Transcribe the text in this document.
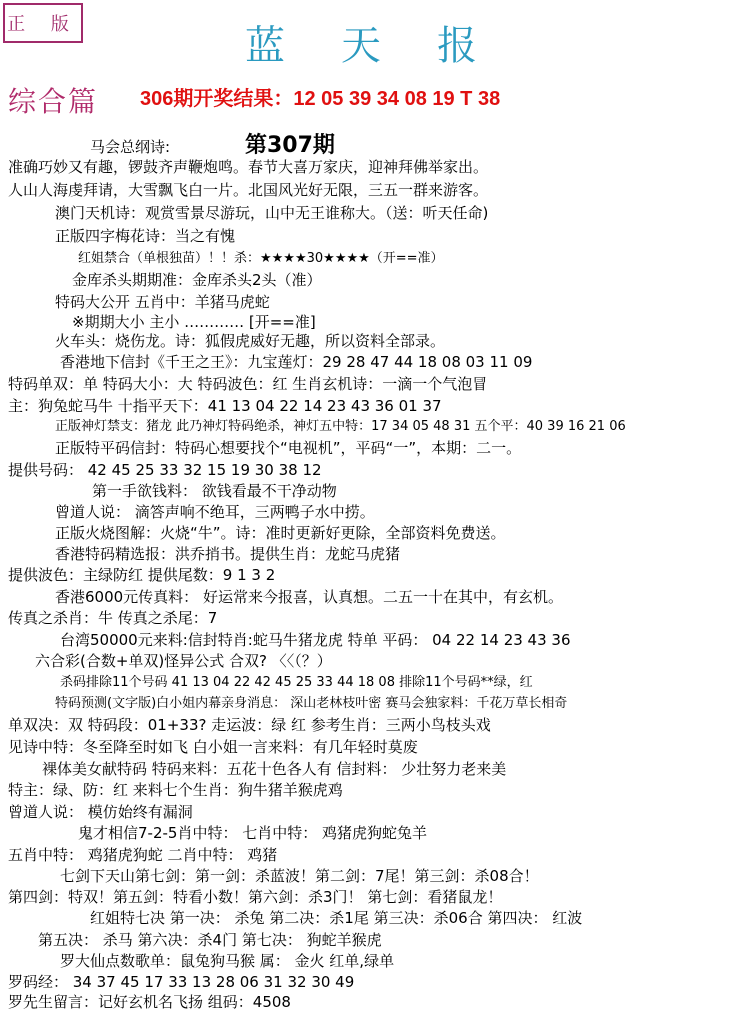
正 版	蓝天报
综合篇 306期开奖结果：12 05 39 34 08 19 T 38
第307期
马会总纲诗:
准确巧妙又有趣，锣鼓齐声鞭炮鸣。春节大喜万家庆，迎神拜佛举家出。
人山人海虔拜请，大雪飘飞白一片。北国风光好无限，三五一群来游客。
澳门天机诗：观赏雪景尽游玩，山中无王谁称大。（送：听天任命)
正版四字梅花诗：当之有愧
红姐禁合（单根独苗）！！杀：★★★★30★★★★（开==准）
金库杀头期期准：金库杀头2头（准）
特码大公开 五肖中：羊猪马虎蛇
※期期大小 主小 ………… [开==准]
火车头：烧伤龙。诗：狐假虎威好无趣，所以资料全部录。
香港地下信封《千王之王》：九宝莲灯：29 28 47 44 18 08 03 11 09
特码单双：单 特码大小：大 特码波色：红 生肖玄机诗：一滴一个气泡冒
主：狗兔蛇马牛 十指平天下：41 13 04 22 14 23 43 36 01 37
正版神灯禁支：猪龙 此乃神灯特码绝杀，神灯五中特：17 34 05 48 31 五个平：40 39 16 21 06
正版特平码信封：特码心想要找个“电视机”，平码“一”，本期：二一。
提供号码： 42 45 25 33 32 15 19 30 38 12
第一手欲钱料： 欲钱看最不干净动物
曾道人说： 滴答声响不绝耳，三两鸭子水中捞。
正版火烧图解：火烧“牛”。诗：准时更新好更除，全部资料免费送。
香港特码精选报：洪乔捎书。提供生肖：龙蛇马虎猪
提供波色：主绿防红 提供尾数：9 1 3 2
香港6000元传真料： 好运常来今报喜，认真想。二五一十在其中，有玄机。
传真之杀肖：牛 传真之杀尾：7
台湾50000元来料:信封特肖:蛇马牛猪龙虎 特单 平码： 04 22 14 23 43 36
六合彩(合数+单双)怪异公式 合双? 〈〈（？）
杀码排除11个号码 41 13 04 22 42 45 25 33 44 18 08 排除11个号码**绿，红
特码预测(文字版)白小姐内幕亲身消息： 深山老林枝叶密 赛马会独家料：千花万草长相奇
单双决：双 特码段：01+33? 走运波：绿 红 参考生肖：三两小鸟枝头戏
见诗中特：冬至降至时如飞 白小姐一言来料：有几年轻时莫废
裸体美女献特码 特码来料：五花十色各人有 信封料： 少壮努力老来美
特主：绿、防：红 来料七个生肖：狗牛猪羊猴虎鸡
曾道人说： 模仿始终有漏洞
鬼才相信7-2-5肖中特： 七肖中特： 鸡猪虎狗蛇兔羊
五肖中特： 鸡猪虎狗蛇 二肖中特： 鸡猪
七剑下天山第七剑：第一剑：杀蓝波！第二剑：7尾！第三剑：杀08合！
第四剑：特双！第五剑：特看小数！第六剑：杀3门！ 第七剑：看猪鼠龙！
红姐特七决 第一决： 杀兔 第二决：杀1尾 第三决：杀06合 第四决： 红波
第五决： 杀马 第六决：杀4门 第七决： 狗蛇羊猴虎
罗大仙点数歌单：鼠兔狗马猴 属： 金火 红单,绿单
罗码经： 34 37 45 17 33 13 28 06 31 32 30 49
罗先生留言：记好玄机名飞扬 组码：4508
